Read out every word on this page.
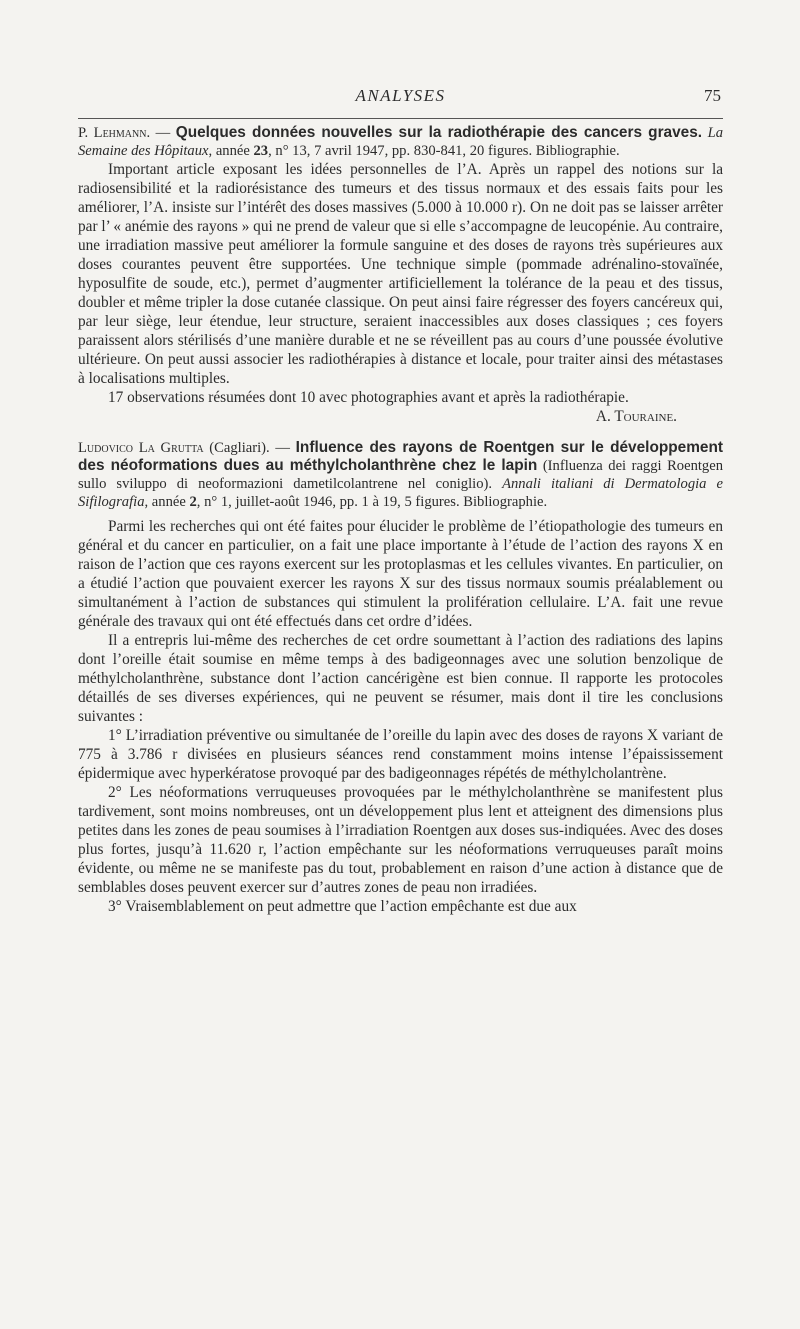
ANALYSES	75

P. Lehmann. — Quelques données nouvelles sur la radiothérapie des cancers graves. La Semaine des Hôpitaux, année 23, n° 13, 7 avril 1947, pp. 830-841, 20 figures. Bibliographie.

Important article exposant les idées personnelles de l’A. Après un rappel des notions sur la radiosensibilité et la radiorésistance des tumeurs et des tissus normaux et des essais faits pour les améliorer, l’A. insiste sur l’intérêt des doses massives (5.000 à 10.000 r). On ne doit pas se laisser arrêter par l’ « anémie des rayons » qui ne prend de valeur que si elle s’accompagne de leucopénie. Au contraire, une irradiation massive peut améliorer la formule sanguine et des doses de rayons très supérieures aux doses courantes peuvent être supportées. Une technique simple (pommade adrénalino-stovaïnée, hyposulfite de soude, etc.), permet d’augmenter artificiellement la tolérance de la peau et des tissus, doubler et même tripler la dose cutanée classique. On peut ainsi faire régresser des foyers cancéreux qui, par leur siège, leur étendue, leur structure, seraient inaccessibles aux doses classiques ; ces foyers paraissent alors stérilisés d’une manière durable et ne se réveillent pas au cours d’une poussée évolutive ultérieure. On peut aussi associer les radiothérapies à distance et locale, pour traiter ainsi des métastases à localisations multiples.

17 observations résumées dont 10 avec photographies avant et après la radiothérapie.

A. Touraine.

Ludovico La Grutta (Cagliari). — Influence des rayons de Roentgen sur le développement des néoformations dues au méthylcholanthrène chez le lapin (Influenza dei raggi Roentgen sullo sviluppo di neoformazioni dametilcolantrene nel coniglio). Annali italiani di Dermatologia e Sifilografia, année 2, n° 1, juillet-août 1946, pp. 1 à 19, 5 figures. Bibliographie.

Parmi les recherches qui ont été faites pour élucider le problème de l’étiopathologie des tumeurs en général et du cancer en particulier, on a fait une place importante à l’étude de l’action des rayons X en raison de l’action que ces rayons exercent sur les protoplasmas et les cellules vivantes. En particulier, on a étudié l’action que pouvaient exercer les rayons X sur des tissus normaux soumis préalablement ou simultanément à l’action de substances qui stimulent la prolifération cellulaire. L’A. fait une revue générale des travaux qui ont été effectués dans cet ordre d’idées.

Il a entrepris lui-même des recherches de cet ordre soumettant à l’action des radiations des lapins dont l’oreille était soumise en même temps à des badigeonnages avec une solution benzolique de méthylcholanthrène, substance dont l’action cancérigène est bien connue. Il rapporte les protocoles détaillés de ses diverses expériences, qui ne peuvent se résumer, mais dont il tire les conclusions suivantes :

1° L’irradiation préventive ou simultanée de l’oreille du lapin avec des doses de rayons X variant de 775 à 3.786 r divisées en plusieurs séances rend constamment moins intense l’épaississement épidermique avec hyperkératose provoqué par des badigeonnages répétés de méthylcholantrène.

2° Les néoformations verruqueuses provoquées par le méthylcholanthrène se manifestent plus tardivement, sont moins nombreuses, ont un développement plus lent et atteignent des dimensions plus petites dans les zones de peau soumises à l’irradiation Roentgen aux doses sus-indiquées. Avec des doses plus fortes, jusqu’à 11.620 r, l’action empêchante sur les néoformations verruqueuses paraît moins évidente, ou même ne se manifeste pas du tout, probablement en raison d’une action à distance que de semblables doses peuvent exercer sur d’autres zones de peau non irradiées.

3° Vraisemblablement on peut admettre que l’action empêchante est due aux
